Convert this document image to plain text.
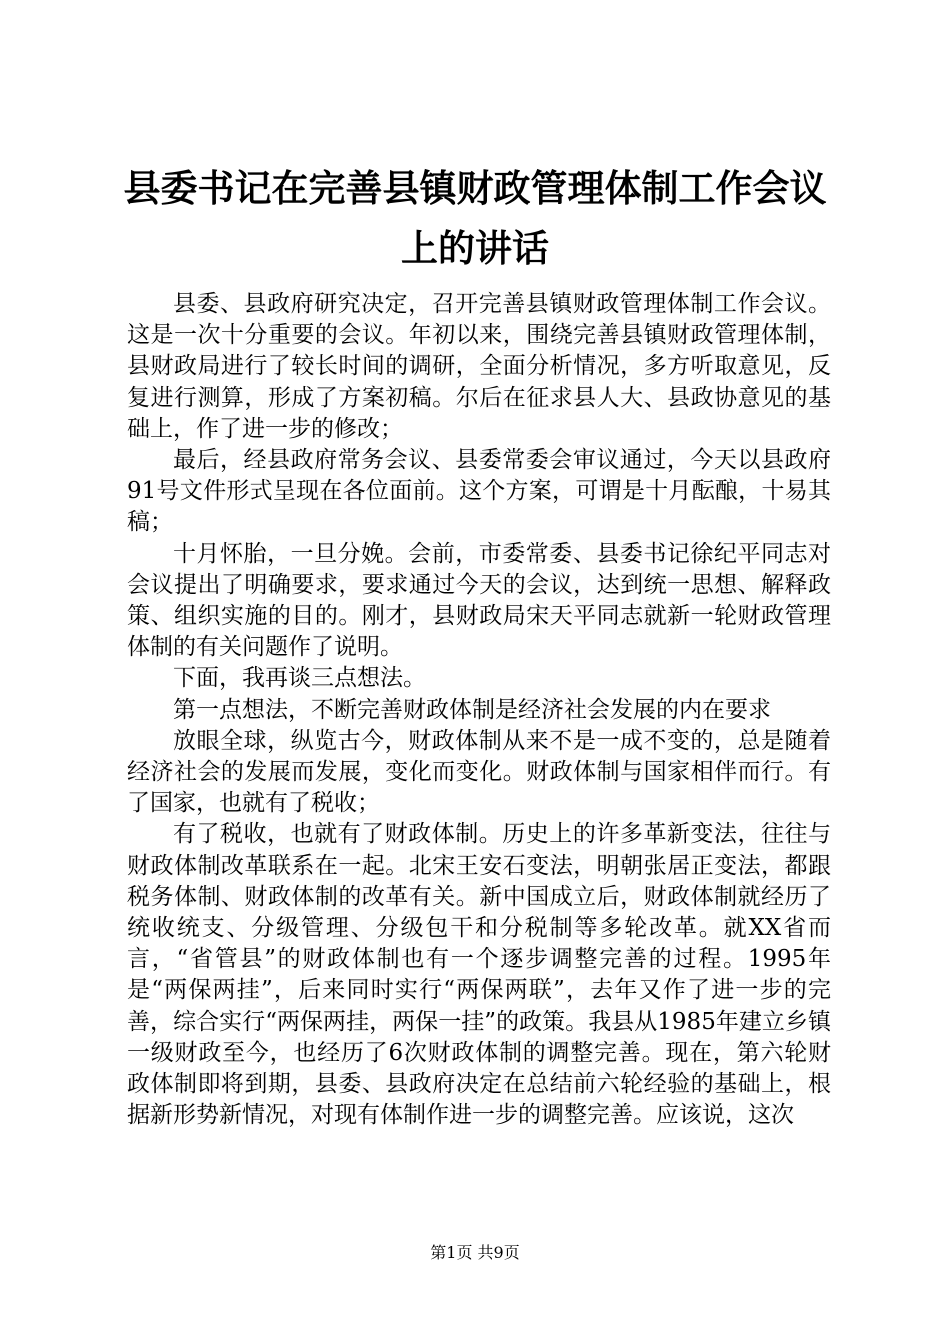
县委书记在完善县镇财政管理体制工作会议上的讲话

县委、县政府研究决定，召开完善县镇财政管理体制工作会议。这是一次十分重要的会议。年初以来，围绕完善县镇财政管理体制，县财政局进行了较长时间的调研，全面分析情况，多方听取意见，反复进行测算，形成了方案初稿。尔后在征求县人大、县政协意见的基础上，作了进一步的修改；

最后，经县政府常务会议、县委常委会审议通过，今天以县政府91号文件形式呈现在各位面前。这个方案，可谓是十月酝酿，十易其稿；

十月怀胎，一旦分娩。会前，市委常委、县委书记徐纪平同志对会议提出了明确要求，要求通过今天的会议，达到统一思想、解释政策、组织实施的目的。刚才，县财政局宋天平同志就新一轮财政管理体制的有关问题作了说明。

下面，我再谈三点想法。

第一点想法，不断完善财政体制是经济社会发展的内在要求

放眼全球，纵览古今，财政体制从来不是一成不变的，总是随着经济社会的发展而发展，变化而变化。财政体制与国家相伴而行。有了国家，也就有了税收；

有了税收，也就有了财政体制。历史上的许多革新变法，往往与财政体制改革联系在一起。北宋王安石变法，明朝张居正变法，都跟税务体制、财政体制的改革有关。新中国成立后，财政体制就经历了统收统支、分级管理、分级包干和分税制等多轮改革。就XX省而言，“省管县”的财政体制也有一个逐步调整完善的过程。1995年是“两保两挂”，后来同时实行“两保两联”，去年又作了进一步的完善，综合实行“两保两挂，两保一挂”的政策。我县从1985年建立乡镇一级财政至今，也经历了6次财政体制的调整完善。现在，第六轮财政体制即将到期，县委、县政府决定在总结前六轮经验的基础上，根据新形势新情况，对现有体制作进一步的调整完善。应该说，这次

第1页 共9页
